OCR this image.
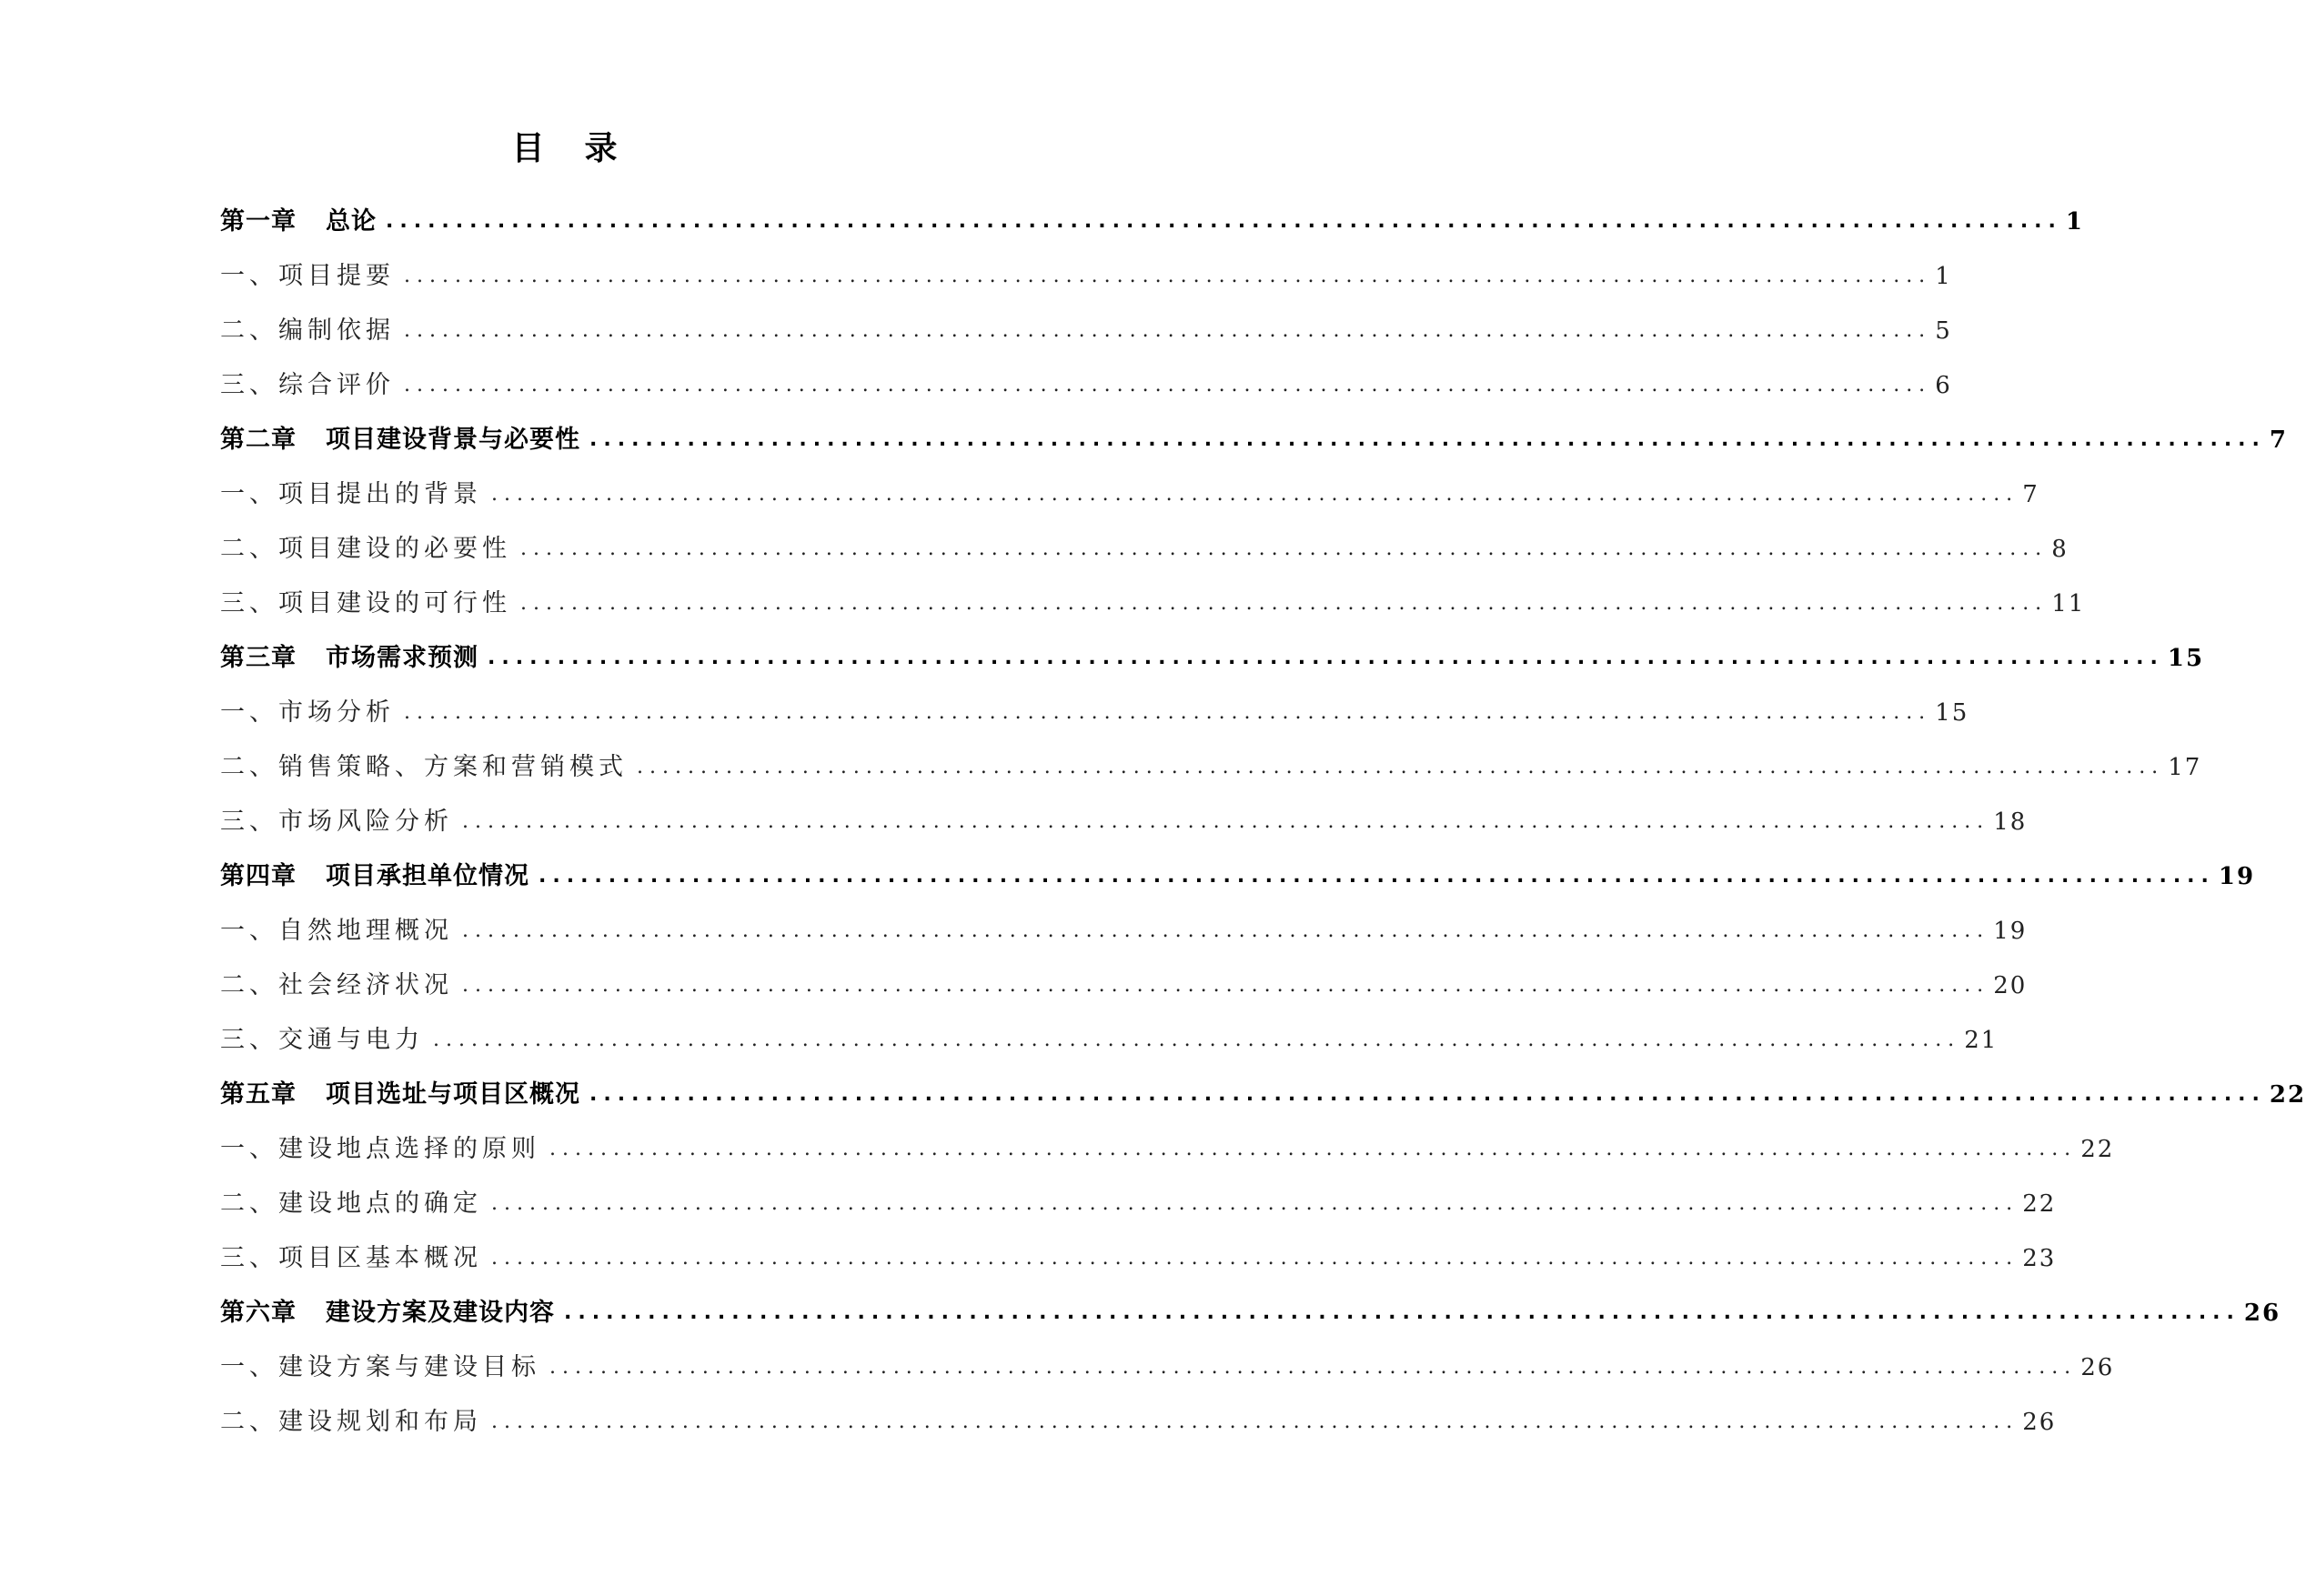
目录
第一章 总论 ........................................................................................................................ 1
一、项目提要 ........................................................................................................................ 1
二、编制依据 ........................................................................................................................ 5
三、综合评价 ........................................................................................................................ 6
第二章 项目建设背景与必要性 ........................................................................................................................ 7
一、项目提出的背景 ........................................................................................................................ 7
二、项目建设的必要性 ........................................................................................................................ 8
三、项目建设的可行性 ........................................................................................................................ 11
第三章 市场需求预测 ........................................................................................................................ 15
一、市场分析 ........................................................................................................................ 15
二、销售策略、方案和营销模式 ........................................................................................................................ 17
三、市场风险分析 ........................................................................................................................ 18
第四章 项目承担单位情况 ........................................................................................................................ 19
一、自然地理概况 ........................................................................................................................ 19
二、社会经济状况 ........................................................................................................................ 20
三、交通与电力 ........................................................................................................................ 21
第五章 项目选址与项目区概况 ........................................................................................................................ 22
一、建设地点选择的原则 ........................................................................................................................ 22
二、建设地点的确定 ........................................................................................................................ 22
三、项目区基本概况 ........................................................................................................................ 23
第六章 建设方案及建设内容 ........................................................................................................................ 26
一、建设方案与建设目标 ........................................................................................................................ 26
二、建设规划和布局 ........................................................................................................................ 26
